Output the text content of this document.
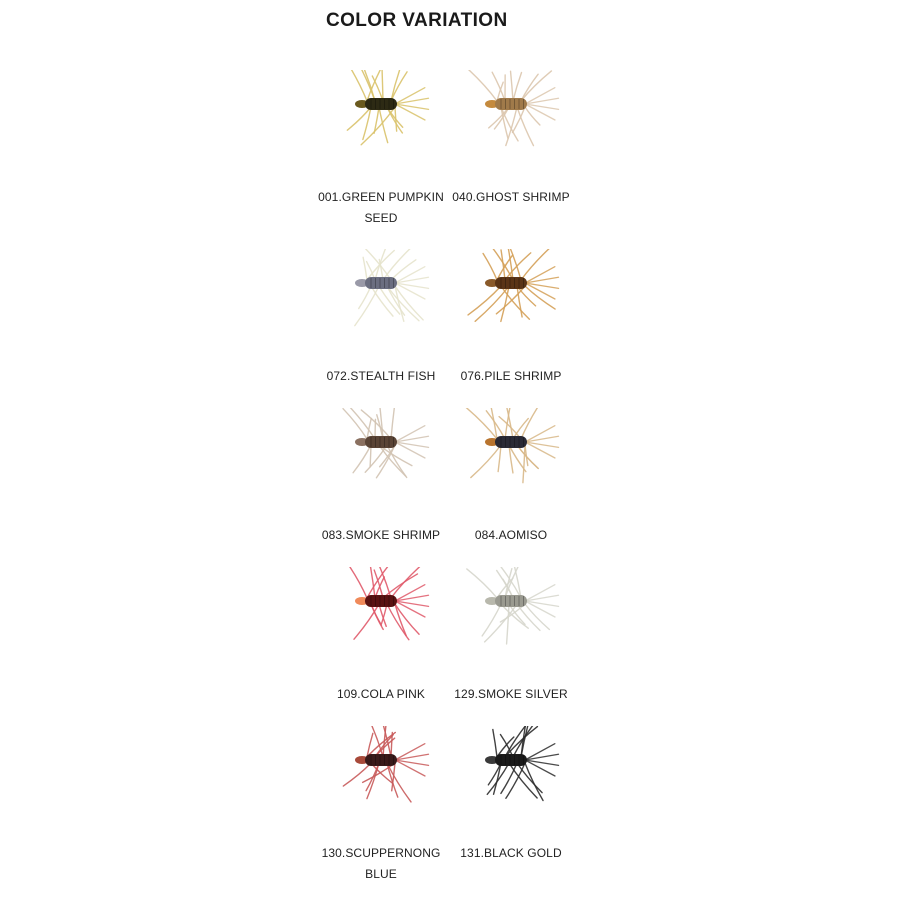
COLOR VARIATION
001.GREEN PUMPKIN SEED
040.GHOST SHRIMP
072.STEALTH FISH	076.PILE SHRIMP
083.SMOKE SHRIMP	084.AOMISO
109.COLA PINK	129.SMOKE SILVER
130.SCUPPERNONG BLUE
131.BLACK GOLD
